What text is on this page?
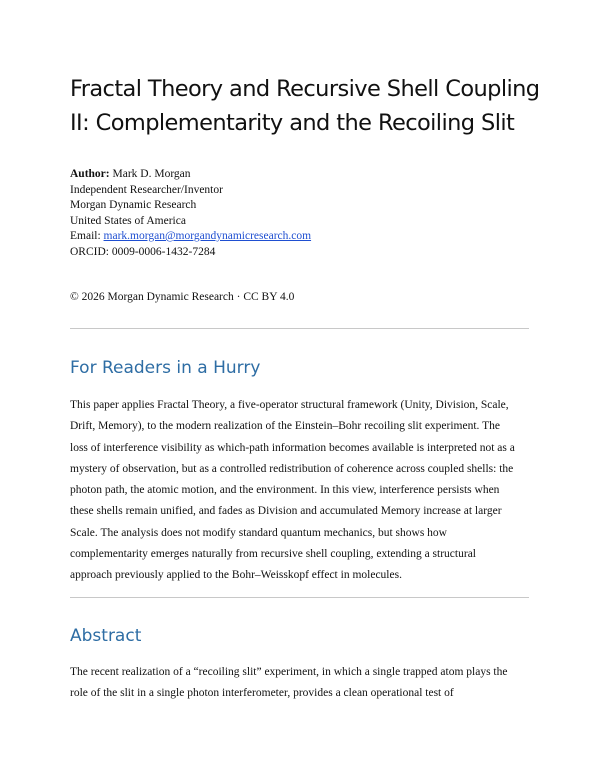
Fractal Theory and Recursive Shell Coupling
II: Complementarity and the Recoiling Slit
Author: Mark D. Morgan
Independent Researcher/Inventor
Morgan Dynamic Research
United States of America
Email: mark.morgan@morgandynamicresearch.com
ORCID: 0009-0006-1432-7284
© 2026 Morgan Dynamic Research · CC BY 4.0
For Readers in a Hurry
This paper applies Fractal Theory, a five-operator structural framework (Unity, Division, Scale,
Drift, Memory), to the modern realization of the Einstein–Bohr recoiling slit experiment. The
loss of interference visibility as which-path information becomes available is interpreted not as a
mystery of observation, but as a controlled redistribution of coherence across coupled shells: the
photon path, the atomic motion, and the environment. In this view, interference persists when
these shells remain unified, and fades as Division and accumulated Memory increase at larger
Scale. The analysis does not modify standard quantum mechanics, but shows how
complementarity emerges naturally from recursive shell coupling, extending a structural
approach previously applied to the Bohr–Weisskopf effect in molecules.
Abstract
The recent realization of a “recoiling slit” experiment, in which a single trapped atom plays the
role of the slit in a single photon interferometer, provides a clean operational test of
